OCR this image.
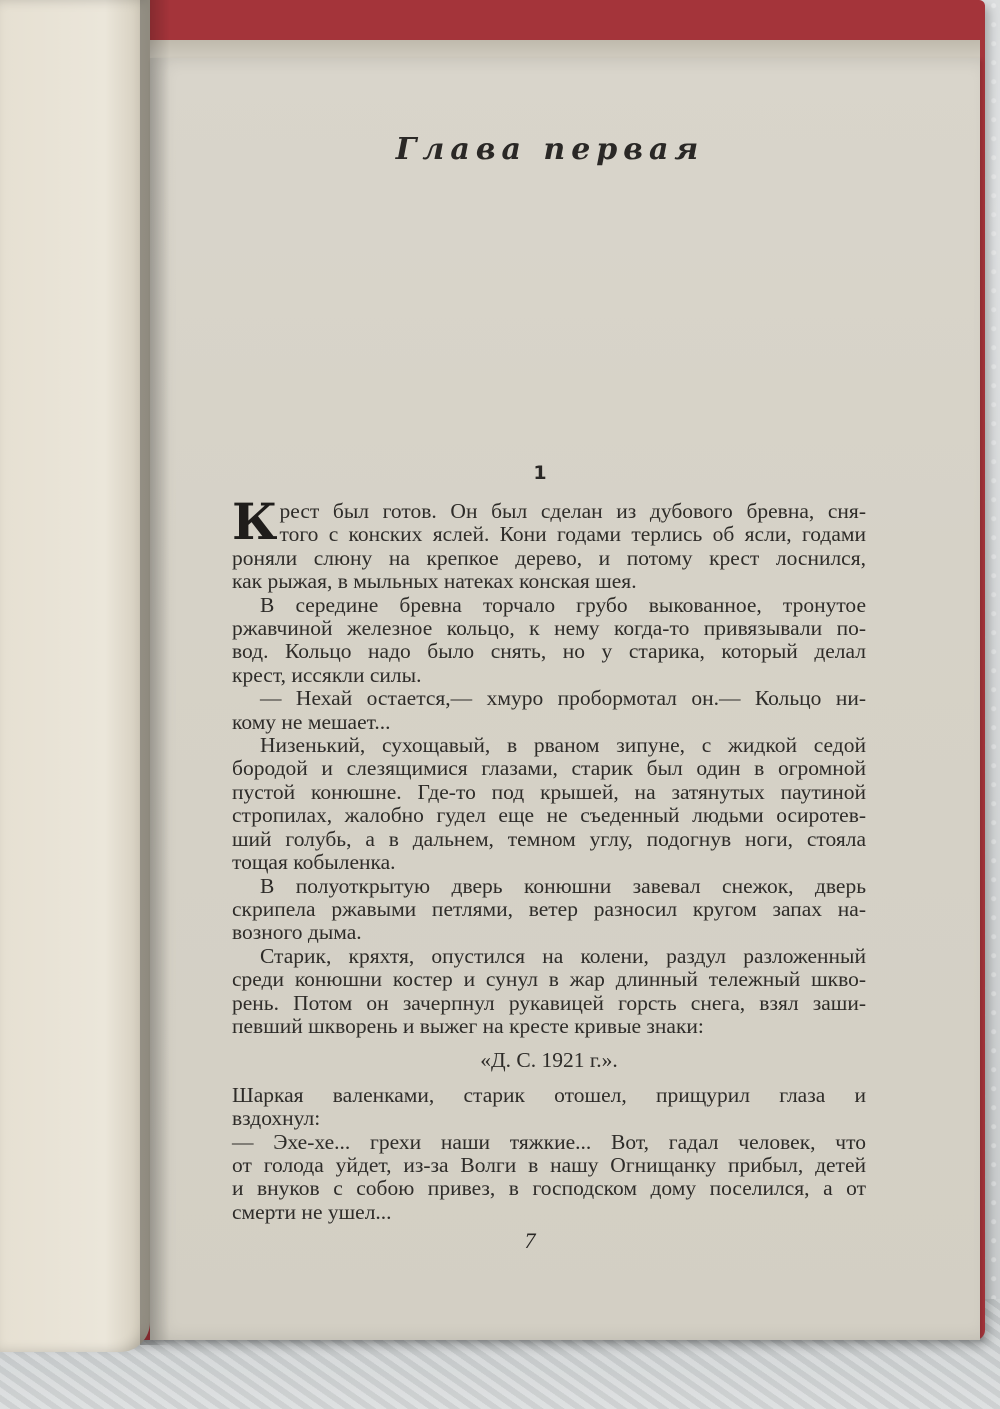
Глава первая
1
К рест был готов. Он был сделан из дубового бревна, сня-
того с конских яслей. Кони годами терлись об ясли, годами
роняли слюну на крепкое дерево, и потому крест лоснился,
как рыжая, в мыльных натеках конская шея.
В середине бревна торчало грубо выкованное, тронутое
ржавчиной железное кольцо, к нему когда-то привязывали по-
вод. Кольцо надо было снять, но у старика, который делал
крест, иссякли силы.
— Нехай остается,— хмуро пробормотал он.— Кольцо ни-
кому не мешает...
Низенький, сухощавый, в рваном зипуне, с жидкой седой
бородой и слезящимися глазами, старик был один в огромной
пустой конюшне. Где-то под крышей, на затянутых паутиной
стропилах, жалобно гудел еще не съеденный людьми осиротев-
ший голубь, а в дальнем, темном углу, подогнув ноги, стояла
тощая кобыленка.
В полуоткрытую дверь конюшни завевал снежок, дверь
скрипела ржавыми петлями, ветер разносил кругом запах на-
возного дыма.
Старик, кряхтя, опустился на колени, раздул разложенный
среди конюшни костер и сунул в жар длинный тележный шкво-
рень. Потом он зачерпнул рукавицей горсть снега, взял заши-
певший шкворень и выжег на кресте кривые знаки:
«Д. С. 1921 г.».
Шаркая валенками, старик отошел, прищурил глаза и
вздохнул:
— Эхе-хе... грехи наши тяжкие... Вот, гадал человек, что
от голода уйдет, из-за Волги в нашу Огнищанку прибыл, детей
и внуков с собою привез, в господском дому поселился, а от
смерти не ушел...
7
